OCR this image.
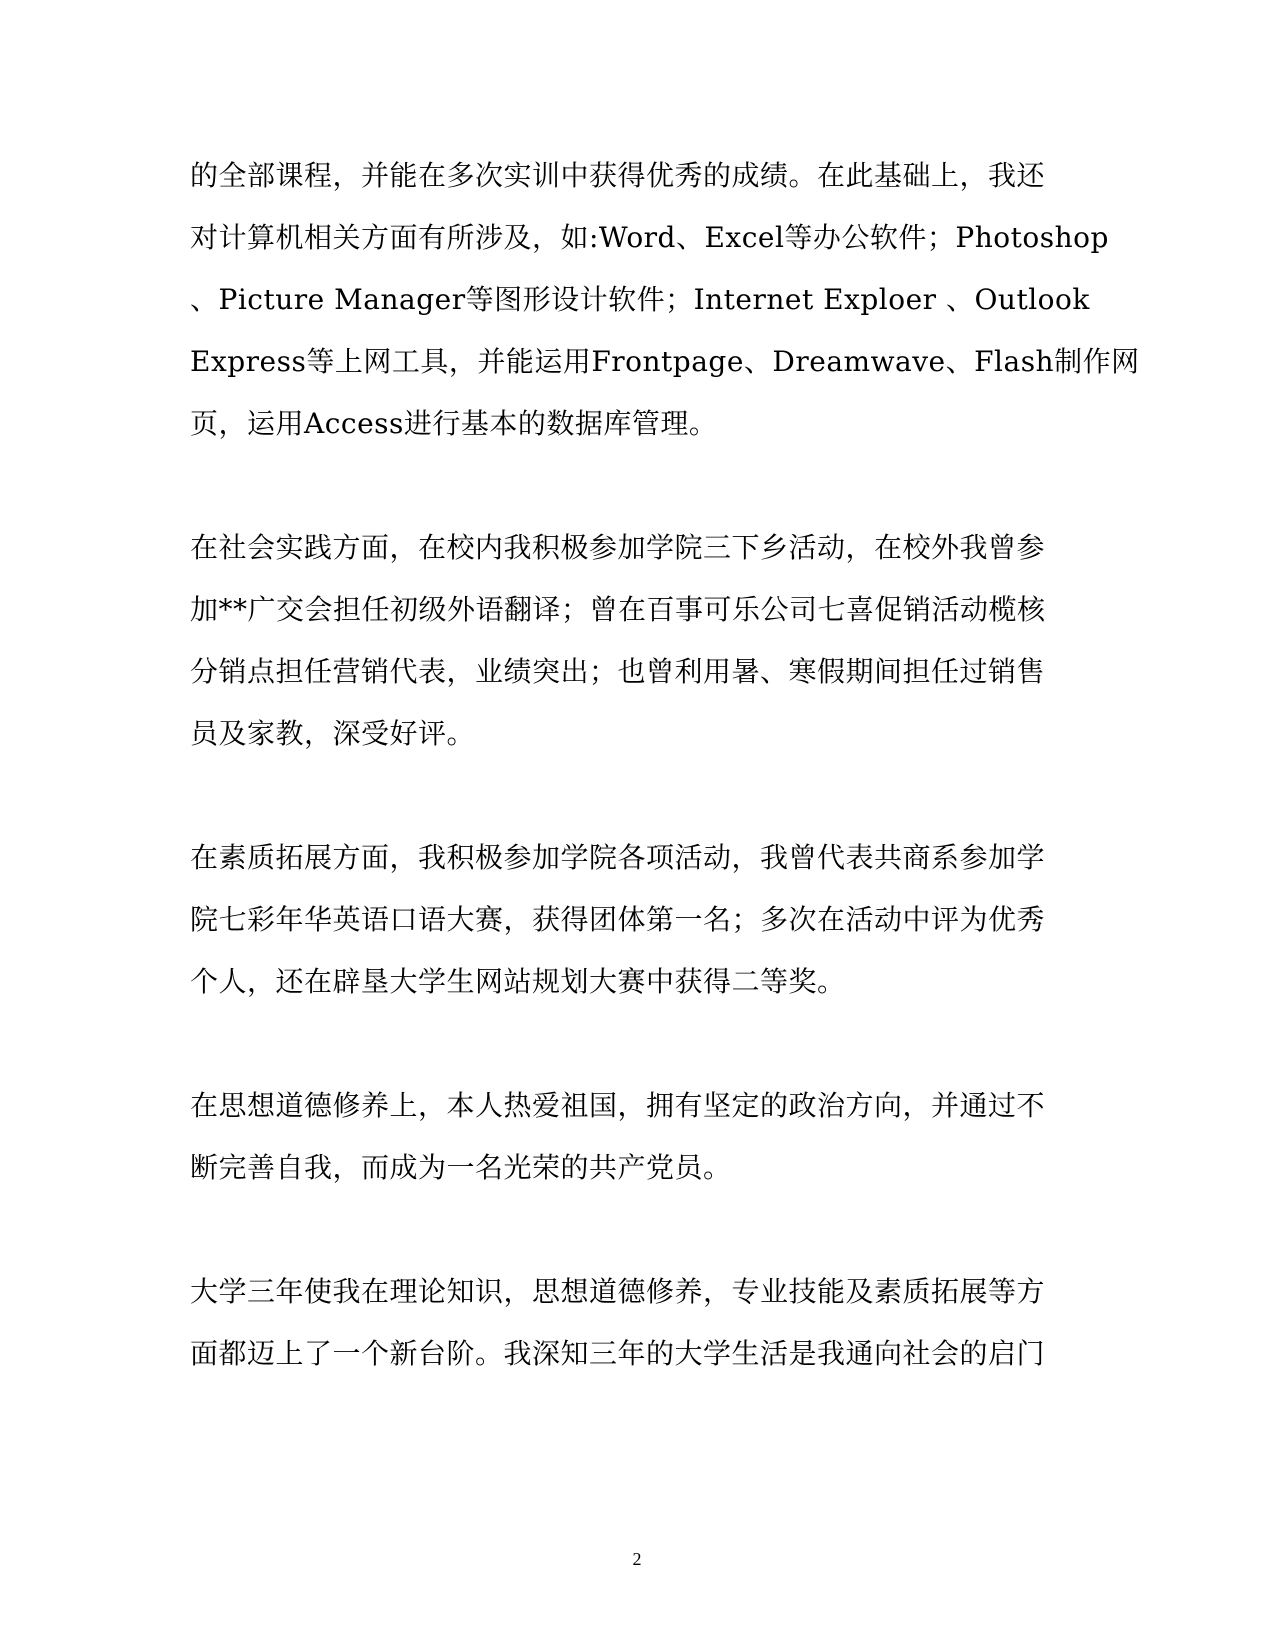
的全部课程，并能在多次实训中获得优秀的成绩。在此基础上，我还
对计算机相关方面有所涉及，如:Word、Excel等办公软件；Photoshop
、Picture Manager等图形设计软件；Internet Exploer 、Outlook
Express等上网工具，并能运用Frontpage、Dreamwave、Flash制作网
页，运用Access进行基本的数据库管理。
在社会实践方面，在校内我积极参加学院三下乡活动，在校外我曾参
加**广交会担任初级外语翻译；曾在百事可乐公司七喜促销活动榄核
分销点担任营销代表，业绩突出；也曾利用暑、寒假期间担任过销售
员及家教，深受好评。
在素质拓展方面，我积极参加学院各项活动，我曾代表共商系参加学
院七彩年华英语口语大赛，获得团体第一名；多次在活动中评为优秀
个人，还在辟垦大学生网站规划大赛中获得二等奖。
在思想道德修养上，本人热爱祖国，拥有坚定的政治方向，并通过不
断完善自我，而成为一名光荣的共产党员。
大学三年使我在理论知识，思想道德修养，专业技能及素质拓展等方
面都迈上了一个新台阶。我深知三年的大学生活是我通向社会的启门
2
